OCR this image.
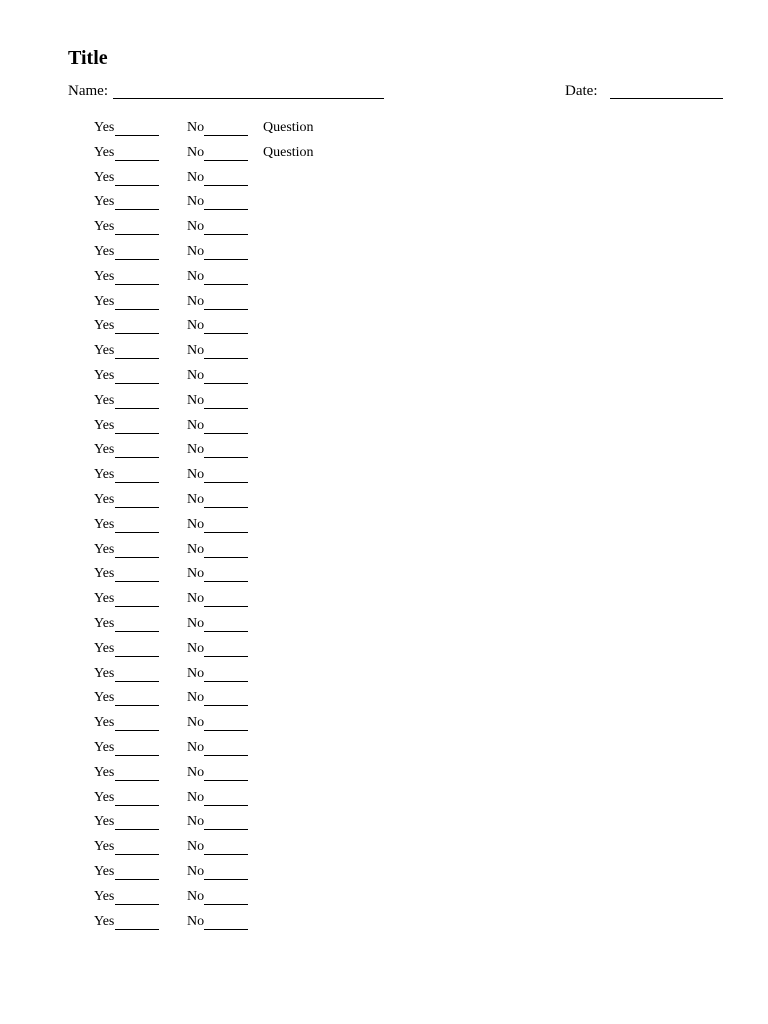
Title
Name:	Date:
Yes	No	Question
Yes	No	Question
Yes	No
Yes	No
Yes	No
Yes	No
Yes	No
Yes	No
Yes	No
Yes	No
Yes	No
Yes	No
Yes	No
Yes	No
Yes	No
Yes	No
Yes	No
Yes	No
Yes	No
Yes	No
Yes	No
Yes	No
Yes	No
Yes	No
Yes	No
Yes	No
Yes	No
Yes	No
Yes	No
Yes	No
Yes	No
Yes	No
Yes	No
